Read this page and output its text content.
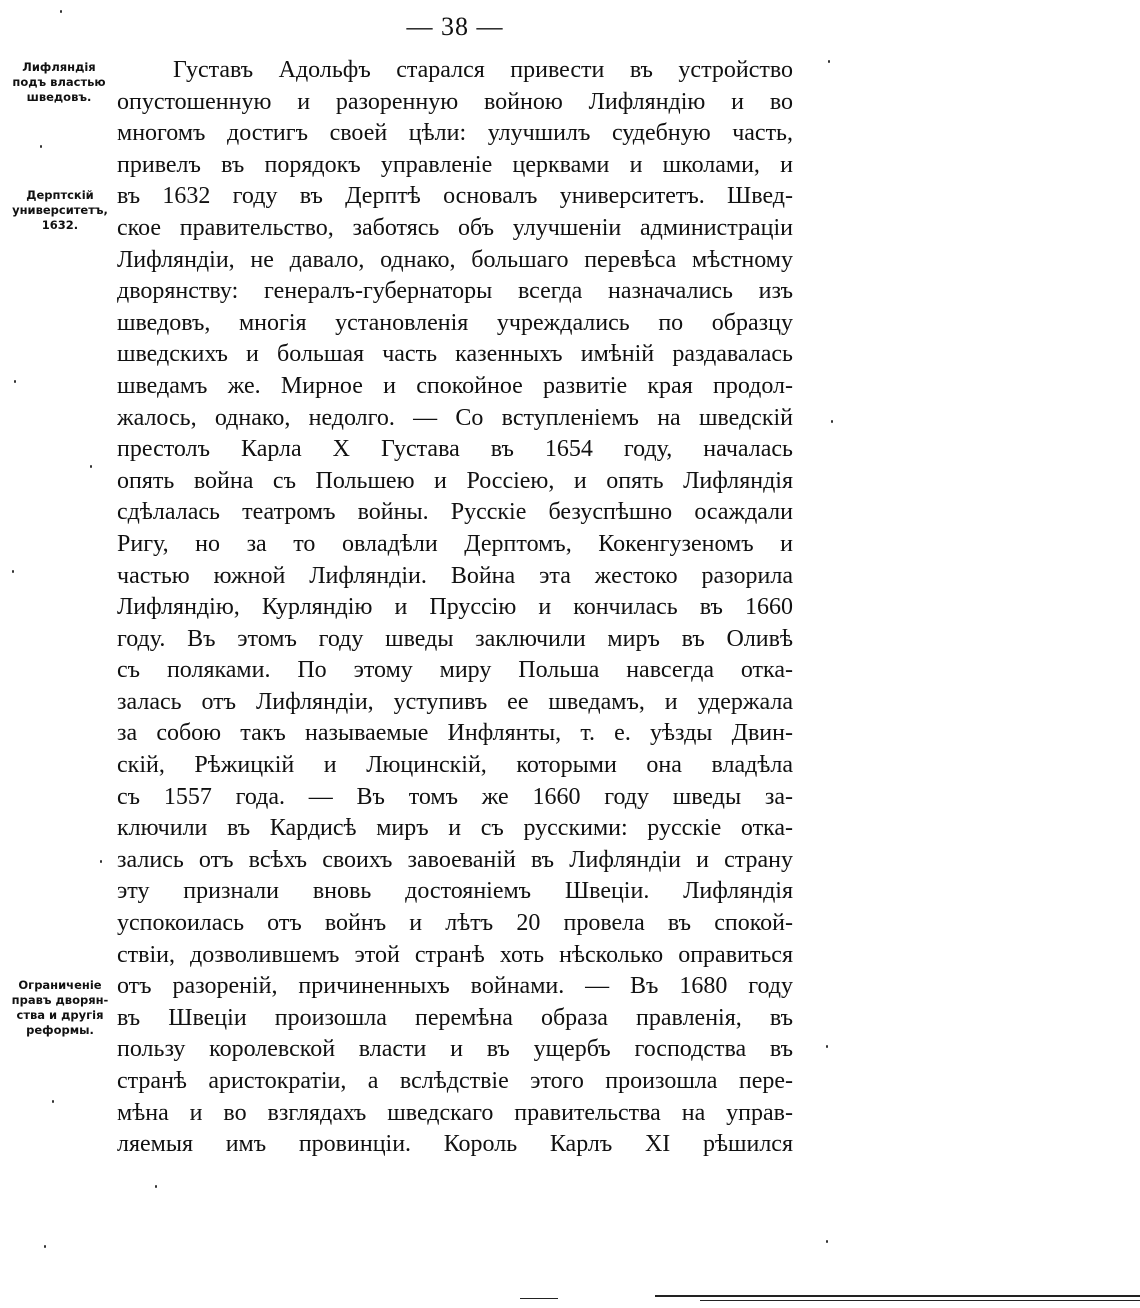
— 38 —
Лифляндія
подъ властью
шведовъ.
Дерптскій
университетъ,
1632.
Ограниченіе
правъ дворян-
ства и другія
реформы.
Густавъ Адольфъ старался привести въ устройство
опустошенную и разоренную войною Лифляндію и во
многомъ достигъ своей цѣли: улучшилъ судебную часть,
привелъ въ порядокъ управленіе церквами и школами, и
въ 1632 году въ Дерптѣ основалъ университетъ. Швед-
ское правительство, заботясь объ улучшеніи администраціи
Лифляндіи, не давало, однако, большаго перевѣса мѣстному
дворянству: генералъ-губернаторы всегда назначались изъ
шведовъ, многія установленія учреждались по образцу
шведскихъ и большая часть казенныхъ имѣній раздавалась
шведамъ же. Мирное и спокойное развитіе края продол-
жалось, однако, недолго. — Со вступленіемъ на шведскій
престолъ Карла X Густава въ 1654 году, началась
опять война съ Польшею и Россіею, и опять Лифляндія
сдѣлалась театромъ войны. Русскіе безуспѣшно осаждали
Ригу, но за то овладѣли Дерптомъ, Кокенгузеномъ и
частью южной Лифляндіи. Война эта жестоко разорила
Лифляндію, Курляндію и Пруссію и кончилась въ 1660
году. Въ этомъ году шведы заключили миръ въ Оливѣ
съ поляками. По этому миру Польша навсегда отка-
залась отъ Лифляндіи, уступивъ ее шведамъ, и удержала
за собою такъ называемые Инфлянты, т. е. уѣзды Двин-
скій, Рѣжицкій и Люцинскій, которыми она владѣла
съ 1557 года. — Въ томъ же 1660 году шведы за-
ключили въ Кардисѣ миръ и съ русскими: русскіе отка-
зались отъ всѣхъ своихъ завоеваній въ Лифляндіи и страну
эту признали вновь достояніемъ Швеціи. Лифляндія
успокоилась отъ войнъ и лѣтъ 20 провела въ спокой-
ствіи, дозволившемъ этой странѣ хоть нѣсколько оправиться
отъ разореній, причиненныхъ войнами. — Въ 1680 году
въ Швеціи произошла перемѣна образа правленія, въ
пользу королевской власти и въ ущербъ господства въ
странѣ аристократіи, а вслѣдствіе этого произошла пере-
мѣна и во взглядахъ шведскаго правительства на управ-
ляемыя имъ провинціи. Король Карлъ XI рѣшился
